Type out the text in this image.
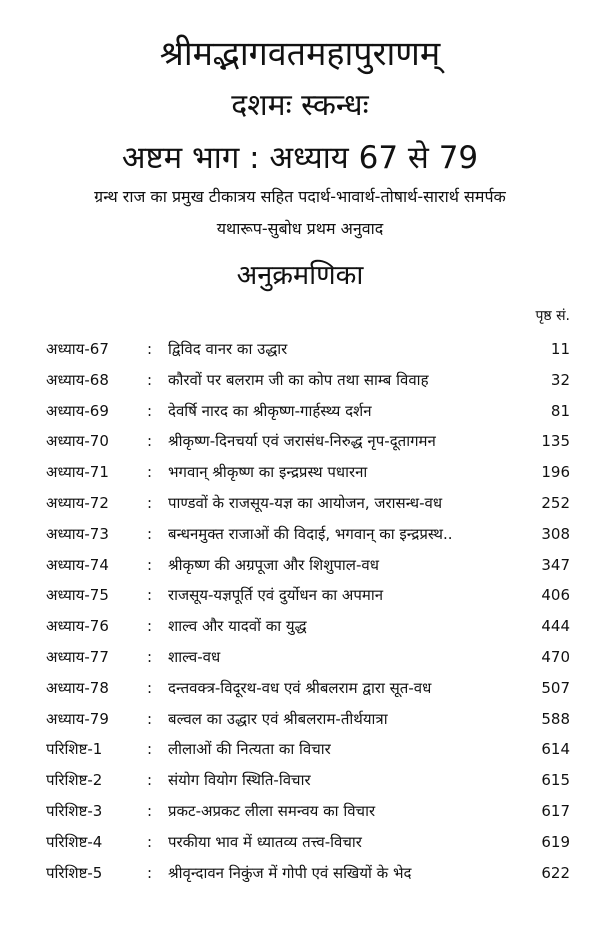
श्रीमद्भागवतमहापुराणम्
दशमः स्कन्धः
अष्टम भाग : अध्याय 67 से 79
ग्रन्थ राज का प्रमुख टीकात्रय सहित पदार्थ-भावार्थ-तोषार्थ-सारार्थ समर्पक
यथारूप-सुबोध प्रथम अनुवाद
अनुक्रमणिका
पृष्ठ सं.
अध्याय-67	: द्विविद वानर का उद्धार	11
अध्याय-68	: कौरवों पर बलराम जी का कोप तथा साम्ब विवाह	32
अध्याय-69	: देवर्षि नारद का श्रीकृष्ण-गार्हस्थ्य दर्शन	81
अध्याय-70	: श्रीकृष्ण-दिनचर्या एवं जरासंध-निरुद्ध नृप-दूतागमन	135
अध्याय-71	: भगवान् श्रीकृष्ण का इन्द्रप्रस्थ पधारना	196
अध्याय-72	: पाण्डवों के राजसूय-यज्ञ का आयोजन, जरासन्ध-वध	252
अध्याय-73	: बन्धनमुक्त राजाओं की विदाई, भगवान् का इन्द्रप्रस्थ..	308
अध्याय-74	: श्रीकृष्ण की अग्रपूजा और शिशुपाल-वध	347
अध्याय-75	: राजसूय-यज्ञपूर्ति एवं दुर्योधन का अपमान	406
अध्याय-76	: शाल्व और यादवों का युद्ध	444
अध्याय-77	: शाल्व-वध	470
अध्याय-78	: दन्तवक्त्र-विदूरथ-वध एवं श्रीबलराम द्वारा सूत-वध	507
अध्याय-79	: बल्वल का उद्धार एवं श्रीबलराम-तीर्थयात्रा	588
परिशिष्ट-1	: लीलाओं की नित्यता का विचार	614
परिशिष्ट-2	: संयोग वियोग स्थिति-विचार	615
परिशिष्ट-3	: प्रकट-अप्रकट लीला समन्वय का विचार	617
परिशिष्ट-4	: परकीया भाव में ध्यातव्य तत्त्व-विचार	619
परिशिष्ट-5	: श्रीवृन्दावन निकुंज में गोपी एवं सखियों के भेद	622
